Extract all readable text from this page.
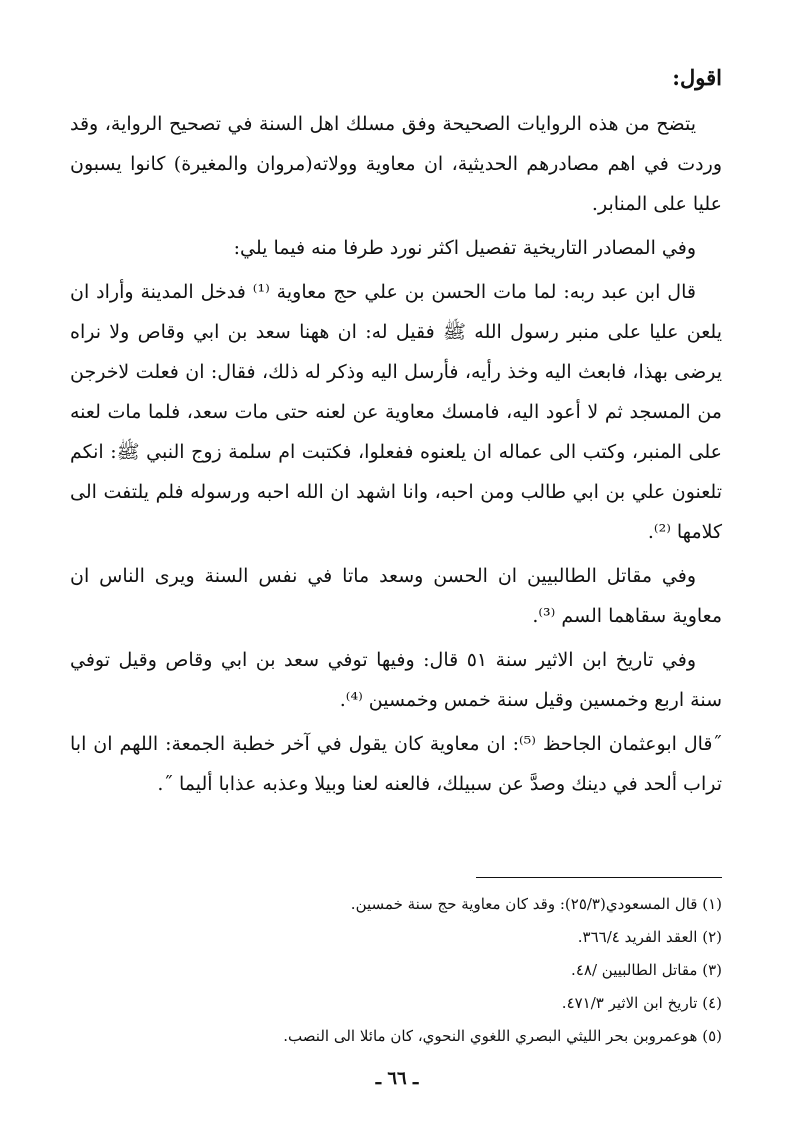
اقول:

يتضح من هذه الروايات الصحيحة وفق مسلك اهل السنة في تصحيح الرواية، وقد وردت في اهم مصادرهم الحديثية، ان معاوية وولاته(مروان والمغيرة) كانوا يسبون عليا على المنابر.

وفي المصادر التاريخية تفصيل اكثر نورد طرفا منه فيما يلي:

قال ابن عبد ربه: لما مات الحسن بن علي حج معاوية ⁽¹⁾ فدخل المدينة وأراد ان يلعن عليا على منبر رسول الله ﷺ فقيل له: ان ههنا سعد بن ابي وقاص ولا نراه يرضى بهذا، فابعث اليه وخذ رأيه، فأرسل اليه وذكر له ذلك، فقال: ان فعلت لاخرجن من المسجد ثم لا أعود اليه، فامسك معاوية عن لعنه حتى مات سعد، فلما مات لعنه على المنبر، وكتب الى عماله ان يلعنوه ففعلوا، فكتبت ام سلمة زوج النبي ﷺ: انكم تلعنون علي بن ابي طالب ومن احبه، وانا اشهد ان الله احبه ورسوله فلم يلتفت الى كلامها ⁽²⁾.

وفي مقاتل الطالبيين ان الحسن وسعد ماتا في نفس السنة ويرى الناس ان معاوية سقاهما السم ⁽³⁾.

وفي تاريخ ابن الاثير سنة ٥١ قال: وفيها توفي سعد بن ابي وقاص وقيل توفي سنة اربع وخمسين وقيل سنة خمس وخمسين ⁽⁴⁾.

˝قال ابوعثمان الجاحظ ⁽⁵⁾: ان معاوية كان يقول في آخر خطبة الجمعة: اللهم ان ابا تراب ألحد في دينك وصدَّ عن سبيلك، فالعنه لعنا وبيلا وعذبه عذابا أليما ˝.

(١) قال المسعودي(٢٥/٣): وقد كان معاوية حج سنة خمسين.

(٢) العقد الفريد ٣٦٦/٤.

(٣) مقاتل الطالبيين /٤٨.

(٤) تاريخ ابن الاثير ٤٧١/٣.

(٥) هوعمروبن بحر الليثي البصري اللغوي النحوي، كان مائلا الى النصب.

ـ ٦٦ ـ
